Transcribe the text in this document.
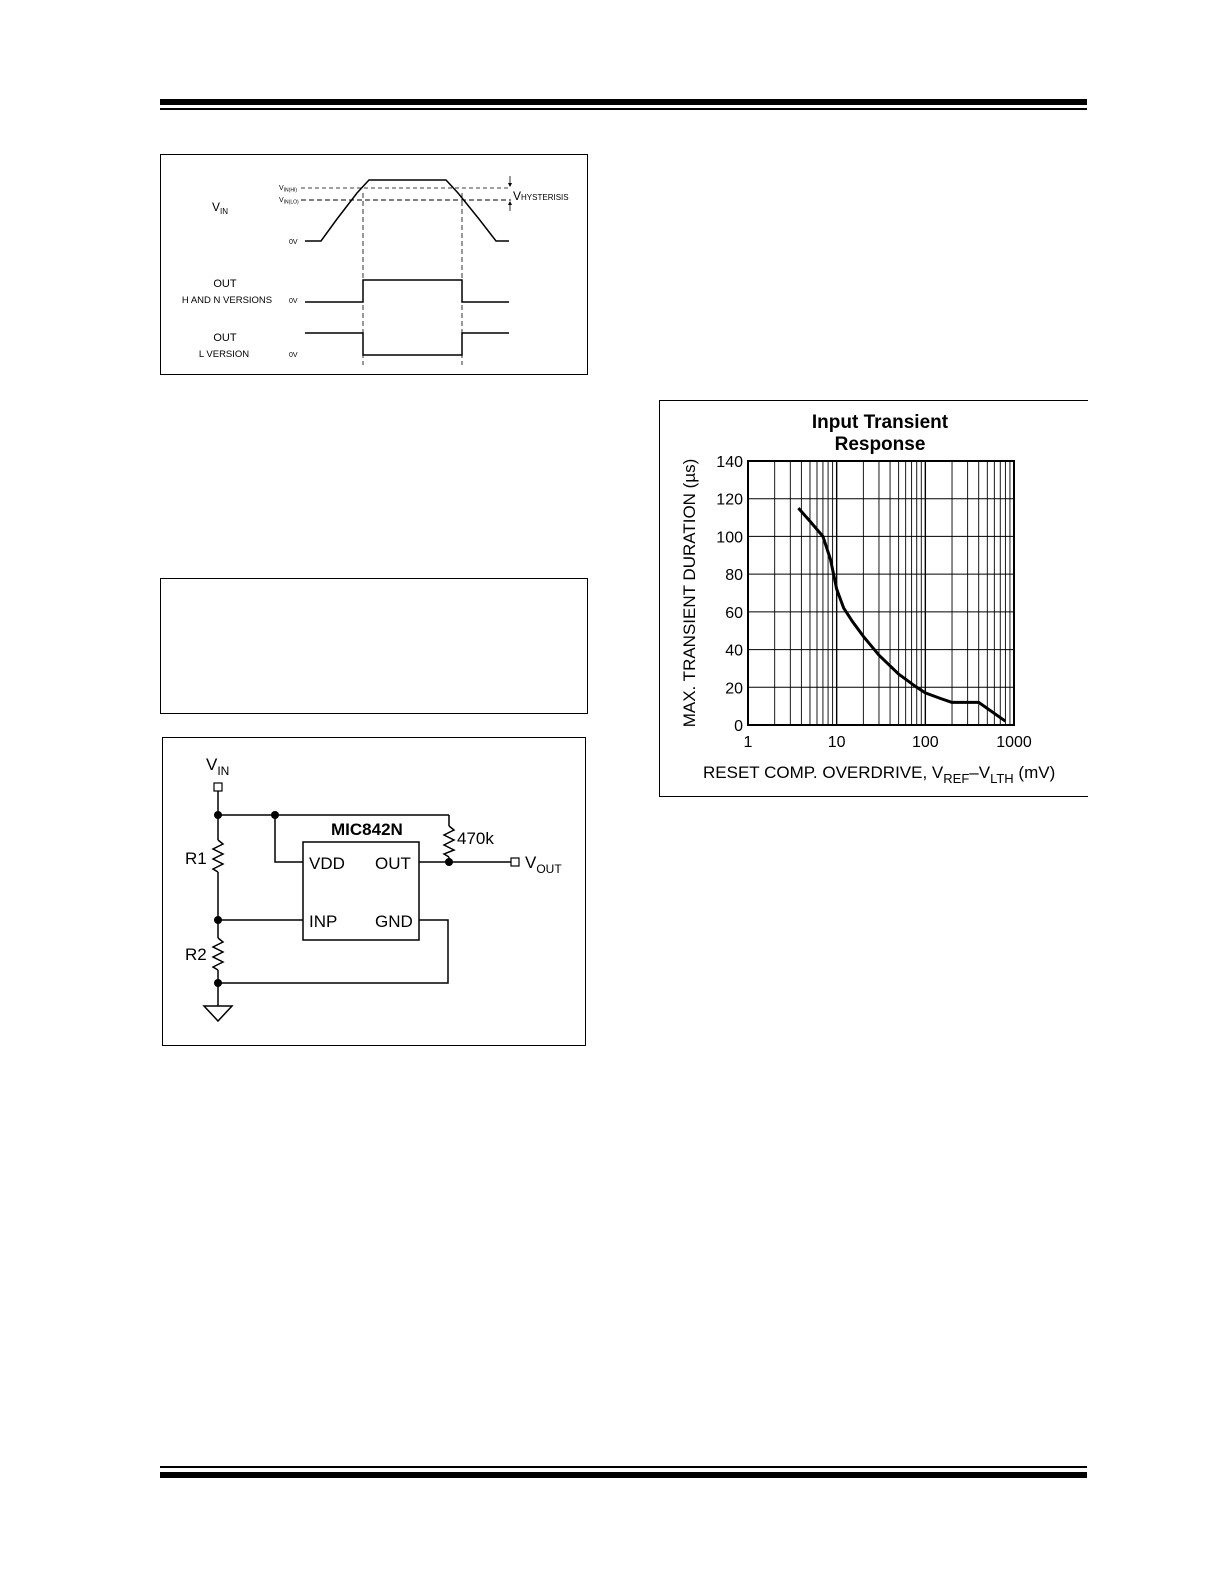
$V_{IN}$
$V_{IN(HI)}$
$V_{IN(LO)}$
0V
VHYSTERISIS
OUT
H AND N VERSIONS 0V
OUT
L VERSION	0V
$V_{IN}$
R1
R2
MIC842N
VDD OUT
INP GND
470k
$V_{OUT}$
Input Transient
Response
0
20
40
60
80
100
120
140
1	10	100	1000
MAX. TRANSIENT DURATION (µs)
RESET COMP. OVERDRIVE, $V_{REF}-V_{LTH}$ (mV)
